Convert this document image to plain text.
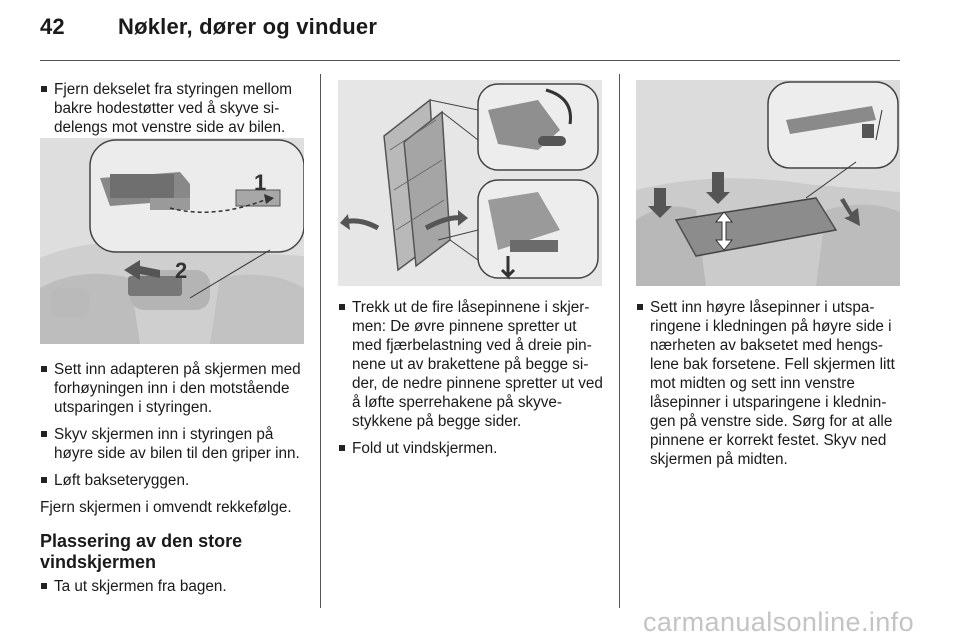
42 Nøkler, dører og vinduer
Fjern dekselet fra styringen mellom bakre hodestøtter ved å skyve sidelengs mot venstre side av bilen.
1
2
Sett inn adapteren på skjermen med forhøyningen inn i den motstående utsparingen i styringen.
Skyv skjermen inn i styringen på høyre side av bilen til den griper inn.
Løft bakseteryggen.
Fjern skjermen i omvendt rekkefølge.
Plassering av den store vindskjermen
Ta ut skjermen fra bagen.
Trekk ut de fire låsepinnene i skjermen: De øvre pinnene spretter ut med fjærbelastning ved å dreie pinnene ut av brakettene på begge sider, de nedre pinnene spretter ut ved å løfte sperrehakene på skyvestykkene på begge sider.
Fold ut vindskjermen.
Sett inn høyre låsepinner i utsparingene i kledningen på høyre side i nærheten av baksetet med hengslene bak forsetene. Fell skjermen litt mot midten og sett inn venstre låsepinner i utsparingene i kledningen på venstre side. Sørg for at alle pinnene er korrekt festet. Skyv ned skjermen på midten.
carmanualsonline.info
